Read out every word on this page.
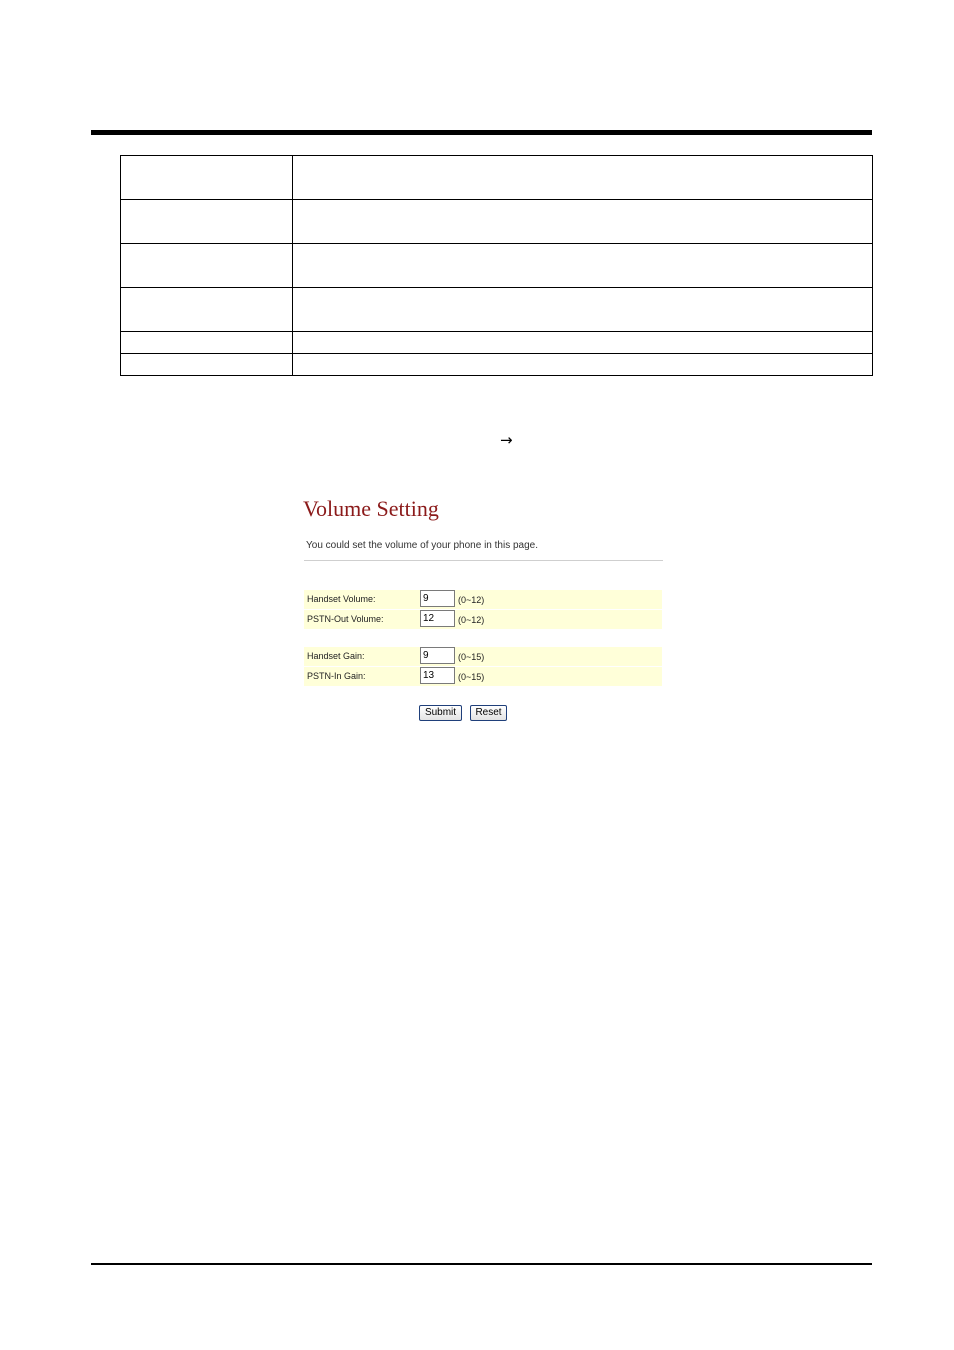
→
Volume Setting
You could set the volume of your phone in this page.
Handset Volume:	9	(0~12)
PSTN-Out Volume:	12	(0~12)
Handset Gain:	9	(0~15)
PSTN-In Gain:	13	(0~15)
Submit	Reset
